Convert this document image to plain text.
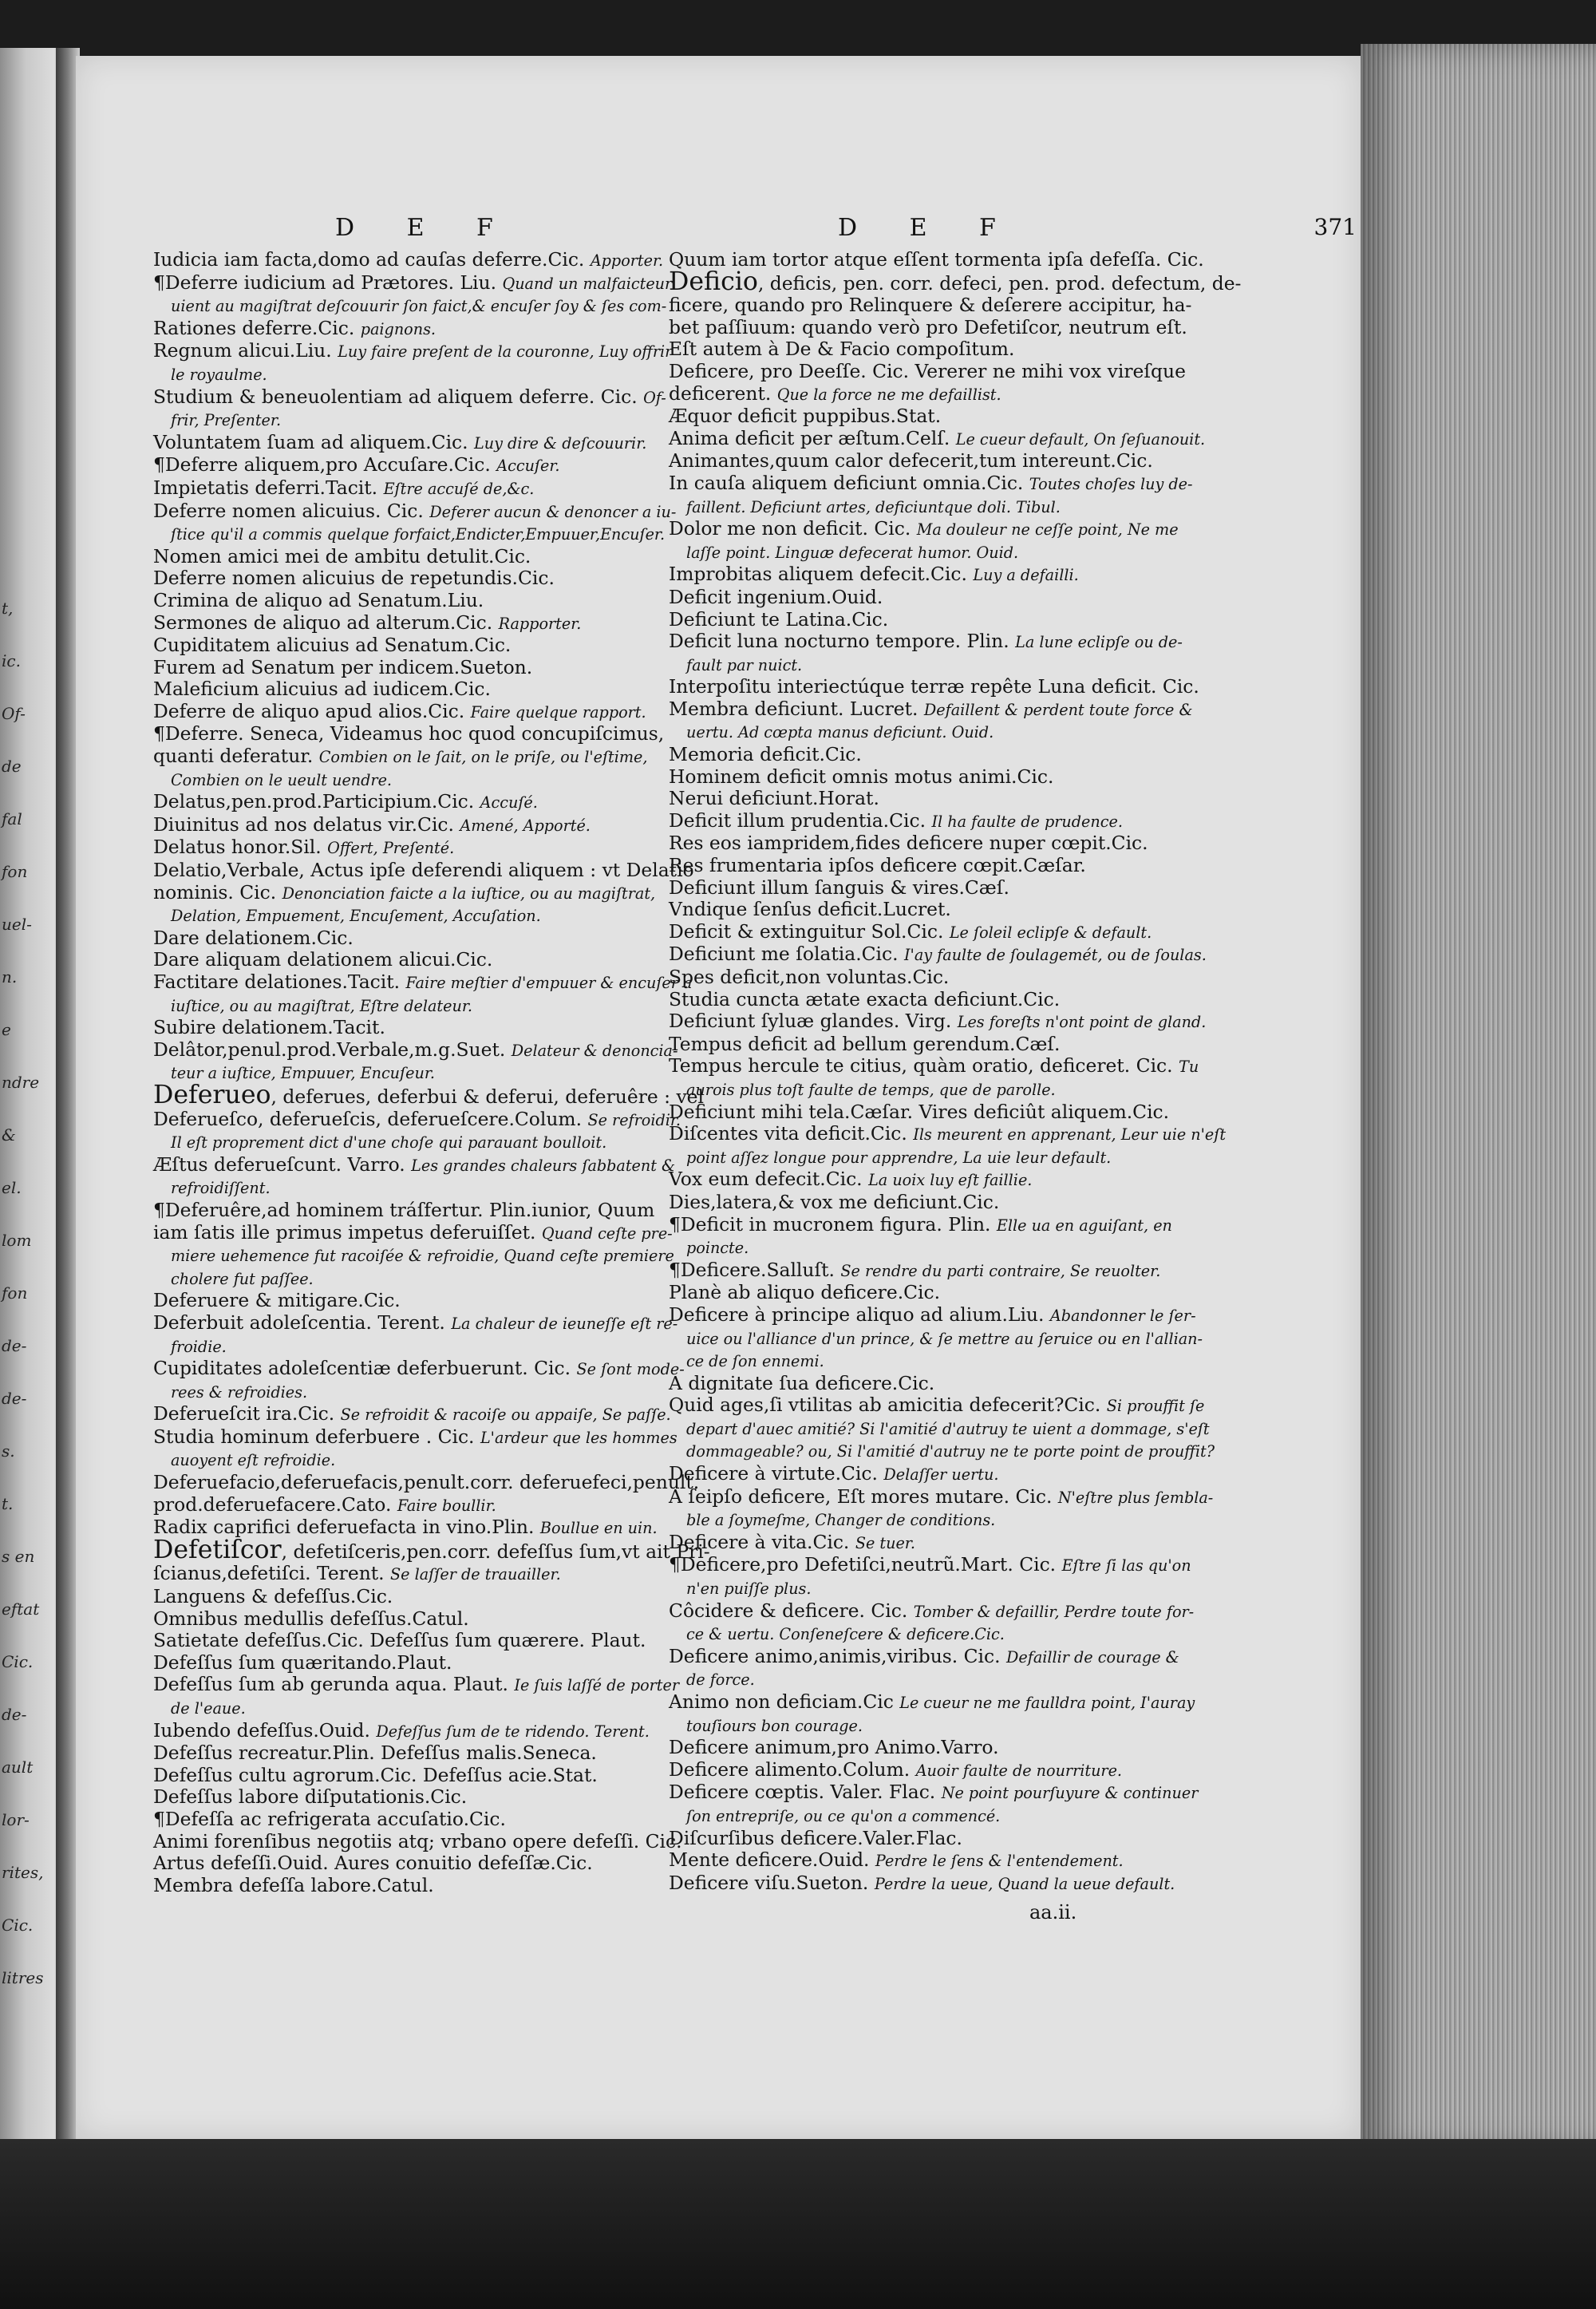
t,
ic.
Of-
de
fal
fon
uel-
n.
e
ndre
&
el.
lom
fon
de-
de-
s.
t.
s en
eftat
Cic.
de-
ault
lor-
rites,
Cic.
litres
D E F	D E F	371

Iudicia iam facta,domo ad cauſas deferre.Cic. Apporter.

¶Deferre iudicium ad Prætores. Liu. Quand un malfaicteur

uient au magiſtrat deſcouurir ſon faict,& encuſer ſoy & ſes com-

Rationes deferre.Cic. paignons.

Regnum alicui.Liu. Luy faire preſent de la couronne, Luy offrir

le royaulme.

Studium & beneuolentiam ad aliquem deferre. Cic. Of-

frir, Preſenter.

Voluntatem ſuam ad aliquem.Cic. Luy dire & deſcouurir.

¶Deferre aliquem,pro Accuſare.Cic. Accuſer.

Impietatis deferri.Tacit. Eſtre accuſé de,&c.

Deferre nomen alicuius. Cic. Deferer aucun & denoncer a iu-

ſtice qu'il a commis quelque forfaict,Endicter,Empuuer,Encuſer.

Nomen amici mei de ambitu detulit.Cic.

Deferre nomen alicuius de repetundis.Cic.

Crimina de aliquo ad Senatum.Liu.

Sermones de aliquo ad alterum.Cic. Rapporter.

Cupiditatem alicuius ad Senatum.Cic.

Furem ad Senatum per indicem.Sueton.

Maleficium alicuius ad iudicem.Cic.

Deferre de aliquo apud alios.Cic. Faire quelque rapport.

¶Deferre. Seneca, Videamus hoc quod concupiſcimus,

quanti deferatur. Combien on le ſait, on le priſe, ou l'eſtime,

Combien on le ueult uendre.

Delatus,pen.prod.Participium.Cic. Accuſé.

Diuinitus ad nos delatus vir.Cic. Amené, Apporté.

Delatus honor.Sil. Offert, Preſenté.

Delatio,Verbale, Actus ipſe deferendi aliquem : vt Delatio

nominis. Cic. Denonciation faicte a la iuſtice, ou au magiſtrat,

Delation, Empuement, Encuſement, Accuſation.

Dare delationem.Cic.

Dare aliquam delationem alicui.Cic.

Factitare delationes.Tacit. Faire meſtier d'empuuer & encuſer a

iuſtice, ou au magiſtrat, Eſtre delateur.

Subire delationem.Tacit.

Delâtor,penul.prod.Verbale,m.g.Suet. Delateur & denoncia-

teur a iuſtice, Empuuer, Encuſeur.

Deferueo, deferues, deferbui & deferui, deferuêre : vel

Deferueſco, deferueſcis, deferueſcere.Colum. Se refroidir.

Il eſt proprement dict d'une choſe qui parauant boulloit.

Æſtus deferueſcunt. Varro. Les grandes chaleurs ſabbatent &

refroidiſſent.

¶Deferuêre,ad hominem tráſfertur. Plin.iunior, Quum

iam ſatis ille primus impetus deferuiſſet. Quand ceſte pre-

miere uehemence fut racoiſée & refroidie, Quand ceſte premiere

cholere fut paſſee.

Deferuere & mitigare.Cic.

Deferbuit adoleſcentia. Terent. La chaleur de ieuneſſe eſt re-

froidie.

Cupiditates adoleſcentiæ deferbuerunt. Cic. Se ſont mode-

rees & refroidies.

Deferueſcit ira.Cic. Se refroidit & racoiſe ou appaiſe, Se paſſe.

Studia hominum deferbuere . Cic. L'ardeur que les hommes

auoyent eſt refroidie.

Deferuefacio,deferuefacis,penult.corr. deferuefeci,penult.

prod.deferuefacere.Cato. Faire boullir.

Radix caprifici deferuefacta in vino.Plin. Boullue en uin.

Defetiſcor, defetiſceris,pen.corr. defeſſus ſum,vt ait Pri-

ſcianus,defetiſci. Terent. Se laſſer de trauailler.

Languens & defeſſus.Cic.

Omnibus medullis defeſſus.Catul.

Satietate defeſſus.Cic. Defeſſus ſum quærere. Plaut.

Defeſſus ſum quæritando.Plaut.

Defeſſus ſum ab gerunda aqua. Plaut. Ie ſuis laſſé de porter

de l'eaue.

Iubendo defeſſus.Ouid. Defeſſus ſum de te ridendo. Terent.

Defeſſus recreatur.Plin. Defeſſus malis.Seneca.

Defeſſus cultu agrorum.Cic. Defeſſus acie.Stat.

Defeſſus labore diſputationis.Cic.

¶Defeſſa ac refrigerata accuſatio.Cic.

Animi forenſibus negotiis atq; vrbano opere defeſſi. Cic.

Artus defeſſi.Ouid. Aures conuitio defeſſæ.Cic.

Membra defeſſa labore.Catul.

Quum iam tortor atque eſſent tormenta ipſa defeſſa. Cic.

Deficio, deficis, pen. corr. defeci, pen. prod. defectum, de-

ficere, quando pro Relinquere & deſerere accipitur, ha-

bet paſſiuum: quando verò pro Defetiſcor, neutrum eſt.

Eſt autem à De & Facio compoſitum.

Deficere, pro Deeſſe. Cic. Vererer ne mihi vox vireſque

deficerent. Que la force ne me defaillist.

Æquor deficit puppibus.Stat.

Anima deficit per æſtum.Celſ. Le cueur default, On ſeſuanouit.

Animantes,quum calor defecerit,tum intereunt.Cic.

In cauſa aliquem deficiunt omnia.Cic. Toutes choſes luy de-

faillent. Deficiunt artes, deficiuntque doli. Tibul.

Dolor me non deficit. Cic. Ma douleur ne ceſſe point, Ne me

laſſe point. Linguæ defecerat humor. Ouid.

Improbitas aliquem defecit.Cic. Luy a defailli.

Deficit ingenium.Ouid.

Deficiunt te Latina.Cic.

Deficit luna nocturno tempore. Plin. La lune eclipſe ou de-

fault par nuict.

Interpoſitu interiectúque terræ repête Luna deficit. Cic.

Membra deficiunt. Lucret. Defaillent & perdent toute force &

uertu. Ad cœpta manus deficiunt. Ouid.

Memoria deficit.Cic.

Hominem deficit omnis motus animi.Cic.

Nerui deficiunt.Horat.

Deficit illum prudentia.Cic. Il ha faulte de prudence.

Res eos iampridem,fides deficere nuper cœpit.Cic.

Res frumentaria ipſos deficere cœpit.Cæſar.

Deficiunt illum ſanguis & vires.Cæſ.

Vndique ſenſus deficit.Lucret.

Deficit & extinguitur Sol.Cic. Le ſoleil eclipſe & default.

Deficiunt me ſolatia.Cic. I'ay faulte de ſoulagemét, ou de ſoulas.

Spes deficit,non voluntas.Cic.

Studia cuncta ætate exacta deficiunt.Cic.

Deficiunt ſyluæ glandes. Virg. Les foreſts n'ont point de gland.

Tempus deficit ad bellum gerendum.Cæſ.

Tempus hercule te citius, quàm oratio, deficeret. Cic. Tu

aurois plus toſt faulte de temps, que de parolle.

Deficiunt mihi tela.Cæſar. Vires deficiût aliquem.Cic.

Diſcentes vita deficit.Cic. Ils meurent en apprenant, Leur uie n'eſt

point aſſez longue pour apprendre, La uie leur default.

Vox eum defecit.Cic. La uoix luy eſt faillie.

Dies,latera,& vox me deficiunt.Cic.

¶Deficit in mucronem figura. Plin. Elle ua en aguiſant, en

poincte.

¶Deficere.Salluſt. Se rendre du parti contraire, Se reuolter.

Planè ab aliquo deficere.Cic.

Deficere à principe aliquo ad alium.Liu. Abandonner le ſer-

uice ou l'alliance d'un prince, & ſe mettre au ſeruice ou en l'allian-

ce de ſon ennemi.

A dignitate ſua deficere.Cic.

Quid ages,ſi vtilitas ab amicitia defecerit?Cic. Si prouffit ſe

depart d'auec amitié? Si l'amitié d'autruy te uient a dommage, s'eſt

dommageable? ou, Si l'amitié d'autruy ne te porte point de prouffit?

Deficere à virtute.Cic. Delaſſer uertu.

A ſeipſo deficere, Eſt mores mutare. Cic. N'eſtre plus ſembla-

ble a ſoymeſme, Changer de conditions.

Deficere à vita.Cic. Se tuer.

¶Deficere,pro Defetiſci,neutrũ.Mart. Cic. Eſtre ſi las qu'on

n'en puiſſe plus.

Côcidere & deficere. Cic. Tomber & defaillir, Perdre toute for-

ce & uertu. Conſeneſcere & deficere.Cic.

Deficere animo,animis,viribus. Cic. Defaillir de courage &

de force.

Animo non deficiam.Cic Le cueur ne me faulldra point, I'auray

touſiours bon courage.

Deficere animum,pro Animo.Varro.

Deficere alimento.Colum. Auoir faulte de nourriture.

Deficere cœptis. Valer. Flac. Ne point pourſuyure & continuer

ſon entrepriſe, ou ce qu'on a commencé.

Diſcurſibus deficere.Valer.Flac.

Mente deficere.Ouid. Perdre le ſens & l'entendement.

Deficere viſu.Sueton. Perdre la ueue, Quand la ueue default.

aa.ii.
